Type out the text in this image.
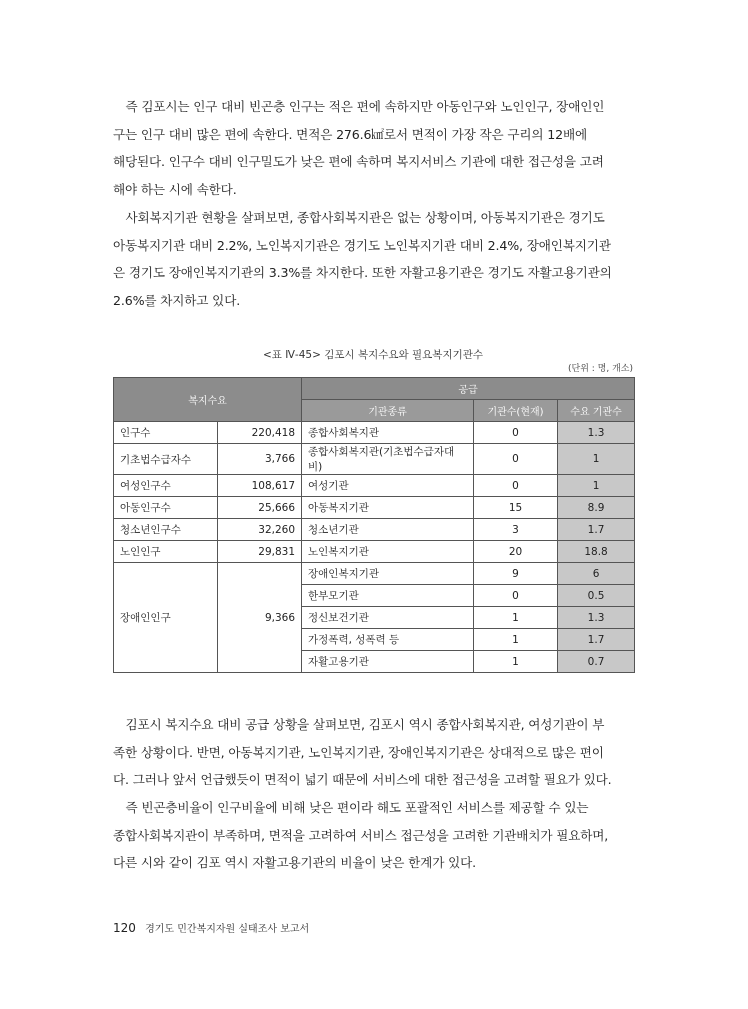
　즉 김포시는 인구 대비 빈곤층 인구는 적은 편에 속하지만 아동인구와 노인인구, 장애인인
구는 인구 대비 많은 편에 속한다. 면적은 276.6㎢로서 면적이 가장 작은 구리의 12배에
해당된다. 인구수 대비 인구밀도가 낮은 편에 속하며 복지서비스 기관에 대한 접근성을 고려
해야 하는 시에 속한다.
　사회복지기관 현황을 살펴보면, 종합사회복지관은 없는 상황이며, 아동복지기관은 경기도
아동복지기관 대비 2.2%, 노인복지기관은 경기도 노인복지기관 대비 2.4%, 장애인복지기관
은 경기도 장애인복지기관의 3.3%를 차지한다. 또한 자활고용기관은 경기도 자활고용기관의
2.6%를 차지하고 있다.
<표 Ⅳ-45> 김포시 복지수요와 필요복지기관수
(단위 : 명, 개소)
복지수요		공급		
		기관종류	기관수(현재)	수요 기관수
인구수	220,418	종합사회복지관	0	1.3
기초법수급자수	3,766	종합사회복지관(기초법수급자대비)	0	1
여성인구수	108,617	여성기관	0	1
아동인구수	25,666	아동복지기관	15	8.9
청소년인구수	32,260	청소년기관	3	1.7
노인인구	29,831	노인복지기관	20	18.8
장애인인구	9,366	장애인복지기관	9	6
		한부모기관	0	0.5
		정신보건기관	1	1.3
		가정폭력, 성폭력 등	1	1.7
		자활고용기관	1	0.7
　김포시 복지수요 대비 공급 상황을 살펴보면, 김포시 역시 종합사회복지관, 여성기관이 부
족한 상황이다. 반면, 아동복지기관, 노인복지기관, 장애인복지기관은 상대적으로 많은 편이
다. 그러나 앞서 언급했듯이 면적이 넓기 때문에 서비스에 대한 접근성을 고려할 필요가 있다.
　즉 빈곤층비율이 인구비율에 비해 낮은 편이라 해도 포괄적인 서비스를 제공할 수 있는
종합사회복지관이 부족하며, 면적을 고려하여 서비스 접근성을 고려한 기관배치가 필요하며,
다른 시와 같이 김포 역시 자활고용기관의 비율이 낮은 한계가 있다.
120 경기도 민간복지자원 실태조사 보고서
